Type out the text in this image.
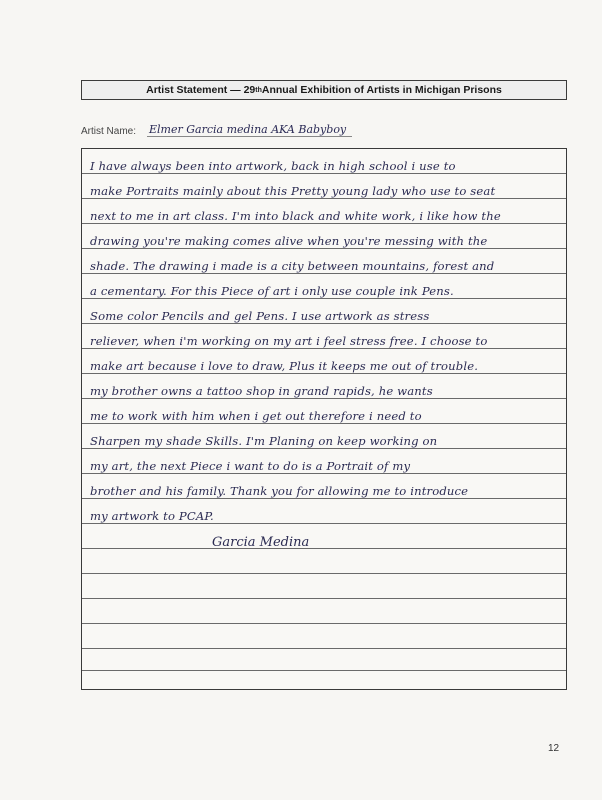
Artist Statement — 29 th Annual Exhibition of Artists in Michigan Prisons
Artist Name: Elmer Garcia medina AKA Babyboy
I have always been into artwork, back in high school i use to
make Portraits mainly about this Pretty young lady who use to seat
next to me in art class. I'm into black and white work, i like how the
drawing you're making comes alive when you're messing with the
shade. The drawing i made is a city between mountains, forest and
a cementary. For this Piece of art i only use couple ink Pens.
Some color Pencils and gel Pens. I use artwork as stress
reliever, when i'm working on my art i feel stress free. I choose to
make art because i love to draw, Plus it keeps me out of trouble.
my brother owns a tattoo shop in grand rapids, he wants
me to work with him when i get out therefore i need to
Sharpen my shade Skills. I'm Planing on keep working on
my art, the next Piece i want to do is a Portrait of my
brother and his family. Thank you for allowing me to introduce
my artwork to PCAP.
Garcia Medina
12
